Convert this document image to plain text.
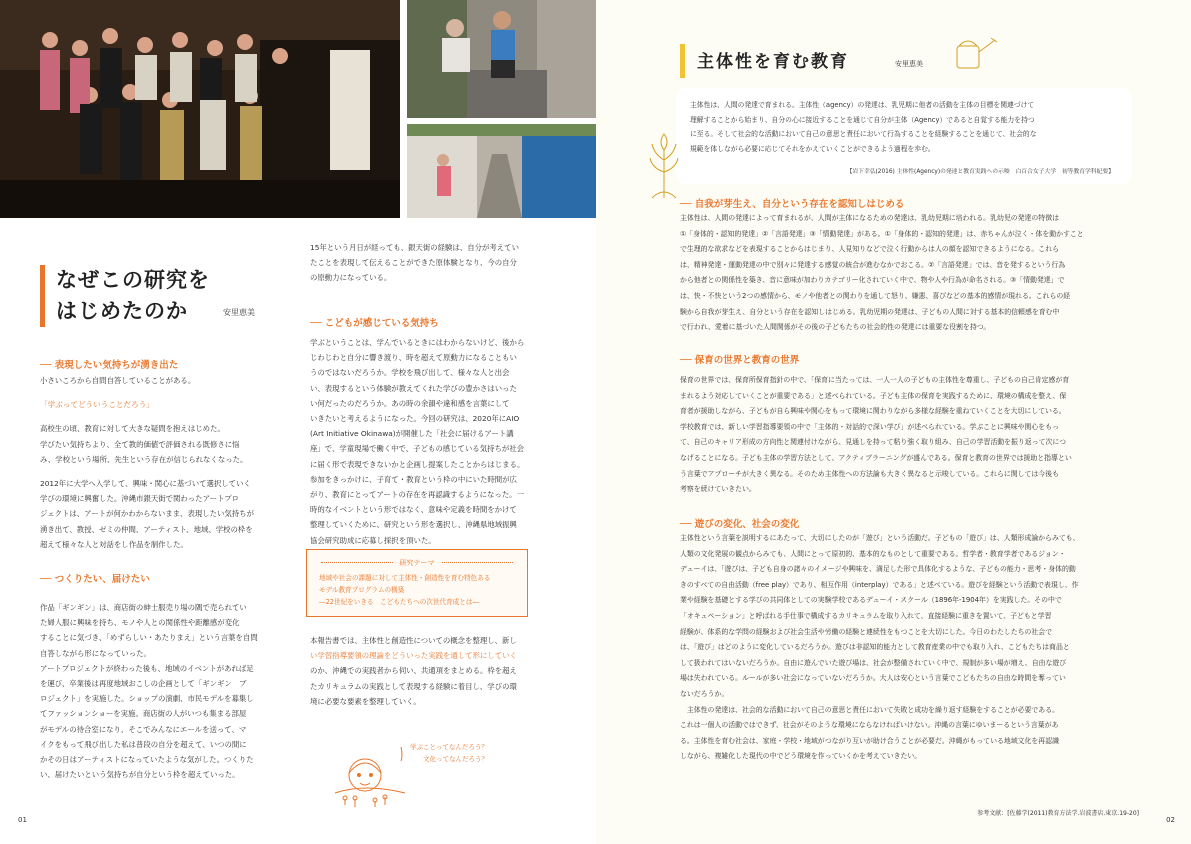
なぜこの研究を
はじめたのか	安里恵美
── 表現したい気持ちが湧き出た

小さいころから自問自答していることがある。

「学ぶってどういうことだろう」

高校生の頃、教育に対して大きな疑問を抱えはじめた。

学びたい気持ちより、全て教的価値で評価される既修さに悩

み、学校という場所、先生という存在が信じられなくなった。

2012年に大学へ入学して、興味・関心に基づいて選択していく

学びの環境に興奮した。沖縄市銀天街で関わったアートプロ

ジェクトは、アートが何かわからないまま、表現したい気持ちが

湧き出て、教授、ゼミの仲間、アーティスト、地域、学校の枠を

超えて様々な人と対話をし作品を制作した。

── つくりたい、届けたい

作品「ギンギン」は、商店街の紳士服売り場の隅で売られてい

た婦人服に興味を持ち、モノや人との関係性や距離感が変化

することに気づき、「めずらしい・あたりまえ」という言葉を自問

自答しながら形になっていった。

アートプロジェクトが終わった後も、地域のイベントがあれば足

を運び、卒業後は再度地域おこしの企画として「ギンギン　ブ

ロジェクト」を実施した。ショップの演劇、市民モデルを募集し

てファッションショーを実施。商店街の人がいつも集まる部屋

がモデルの待合室になり、そこでみんなにエールを送って、マ

イクをもって飛び出した私は普段の自分を超えて、いつの間に

かその日はアーティストになっていたような気がした。つくりた

い、届けたいという気持ちが自分という枠を超えていった。

15年という月日が経っても、銀天街の経験は、自分が考えてい

たことを表現して伝えることができた原体験となり、今の自分

の原動力になっている。

── こどもが感じている気持ち

学ぶということは、学んでいるときにはわからないけど、後から

じわじわと自分に響き渡り、時を超えて原動力になることもい

うのではないだろうか。学校を飛び出して、様々な人と出会

い、表現するという体験が教えてくれた学びの豊かさはいった

い何だったのだろうか。あの時の余韻や違和感を言葉にして

いきたいと考えるようになった。今回の研究は、2020年にAIO

(Art Initiative Okinawa)が開催した「社会に届けるアート講

座」で、学童現場で働く中で、子どもの感じている気持ちが社会

に届く形で表現できないかと企画し提案したことからはじまる。

参加をきっかけに、子育て・教育という枠の中にいた時間が広

がり、教育にとってアートの存在を再認識するようになった。一

時的なイベントという形ではなく、意味や定義を時間をかけて

整理していくために、研究という形を選択し、沖縄県地域振興

協会研究助成に応募し採択を頂いた。

研究テーマ
地域や社会の課題に対して主体性・創造性を育む特色ある
モデル教育プログラムの構築
―22世紀をいきる　こどもたちへの次世代育成とは―

本報告書では、主体性と創造性についての概念を整理し、新し

い学習指導要領の理論をどういった実践を通して形にしていく

のか、沖縄での実践者から伺い、共通項をまとめる。枠を超え

たカリキュラムの実践として表現する経験に着目し、学びの環

境に必要な要素を整理していく。

学ぶことってなんだろう？
文化ってなんだろう？
01
主体性を育む教育	安里恵美
主体性は、人間の発達で育まれる。主体性（agency）の発達は、乳児期に他者の活動を主体の目標を関連づけて
理解することから始まり、自分の心に接近することを通じて自分が主体（Agency）であると自覚する能力を持つ
に至る。そして社会的な活動において自己の意思と責任において行為することを経験することを通じて、社会的な
規範を体しながら必要に応じてそれをかえていくことができるよう過程を歩む。
【岩下幸弘(2016) 主体性(Agency)の発達と教育実践への示唆　白百合女子大学　初等教育学科紀要】
── 自我が芽生え、自分という存在を認知しはじめる

主体性は、人間の発達によって育まれるが、人間が主体になるための発達は、乳幼児期に培われる。乳幼児の発達の特徴は

①「身体的・認知的発達」②「言語発達」③「情動発達」がある。①「身体的・認知的発達」は、赤ちゃんが泣く・体を動かすこと

で生理的な欲求などを表現することからはじまり、人見知りなどで泣く行動からは人の顔を認知できるようになる。これら

は、精神発達・運動発達の中で別々に発達する感覚の統合が進むなかでおこる。②「言語発達」では、音を発するという行為

から他者との関係性を築き、音に意味が加わりカテゴリー化されていく中で、物や人や行為が命名される。③「情動発達」で

は、快・不快という2つの感情から、モノや他者との関わりを通して怒り、嫌悪、喜びなどの基本的感情が現れる。これらの経

験から自我が芽生え、自分という存在を認知しはじめる。乳幼児期の発達は、子どもの人間に対する基本的信頼感を育む中

で行われ、愛着に基づいた人間関係がその後の子どもたちの社会的性の発達には重要な役割を持つ。

── 保育の世界と教育の世界

保育の世界では、保育所保育指針の中で、「保育に当たっては、一人一人の子どもの主体性を尊重し、子どもの自己肯定感が育

まれるよう対応していくことが重要である」と述べられている。子ども主体の保育を実践するために、環境の構成を整え、保

育者が援助しながら、子どもが自ら興味や関心をもって環境に関わりながら多様な経験を重ねていくことを大切にしている。

学校教育では、新しい学習指導要領の中で「主体的・対話的で深い学び」が述べられている。学ぶことに興味や関心をもっ

て、自己のキャリア形成の方向性と関連付けながら、見通しを持って粘り強く取り組み、自己の学習活動を振り返って次につ

なげることになる。子ども主体の学習方法として、アクティブラーニングが盛んである。保育と教育の世界では援助と指導とい

う言葉でアプローチが大きく異なる。そのため主体性への方法論も大きく異なると示唆している。これらに関しては今後も

考察を続けていきたい。

── 遊びの変化、社会の変化

主体性という言葉を説明するにあたって、大切にしたのが「遊び」という活動だ。子どもの「遊び」は、人類形成論からみても、

人類の文化発展の観点からみても、人間にとって原初的、基本的なものとして重要である。哲学者・教育学者であるジョン・

デューイは、「遊びは、子ども自身の諸々のイメージや興味を、満足した形で具体化するような、子どもの能力・思考・身体的動

きのすべての自由活動（free play）であり、相互作用（interplay）である」と述べている。遊びを経験という活動で表現し、作

業や経験を基礎とする学びの共同体としての実験学校であるデューイ・スクール（1896年-1904年）を実践した。その中で

「オキュペーション」と呼ばれる手仕事で構成するカリキュラムを取り入れて、直接経験に重きを置いて、子どもと学習

経験が、体系的な学問の経験および社会生活や労働の経験と連続性をもつことを大切にした。今日のわたしたちの社会で

は、「遊び」はどのように変化しているだろうか。遊びは非認知的能力として教育産業の中でも取り入れ、こどもたちは商品と

して扱われてはいないだろうか。自由に遊んでいた遊び場は、社会が整備されていく中で、規制が多い場が増え、自由な遊び

場は失われている。ルールが多い社会になっていないだろうか。大人は安心という言葉でこどもたちの自由な時間を奪ってい

ないだろうか。

　主体性の発達は、社会的な活動において自己の意思と責任において失敗と成功を繰り返す経験をすることが必要である。

これは一個人の活動ではできず、社会がそのような環境にならなければいけない。沖縄の言葉にゆいまーるという言葉があ

る。主体性を育む社会は、家庭・学校・地域がつながり互いが助け合うことが必要だ。沖縄がもっている地域文化を再認識

しながら、複雑化した現代の中でどう環境を作っていくかを考えていきたい。

参考文献：[佐藤学(2011)教育方法学.岩波書店.東京.19-20]
02
